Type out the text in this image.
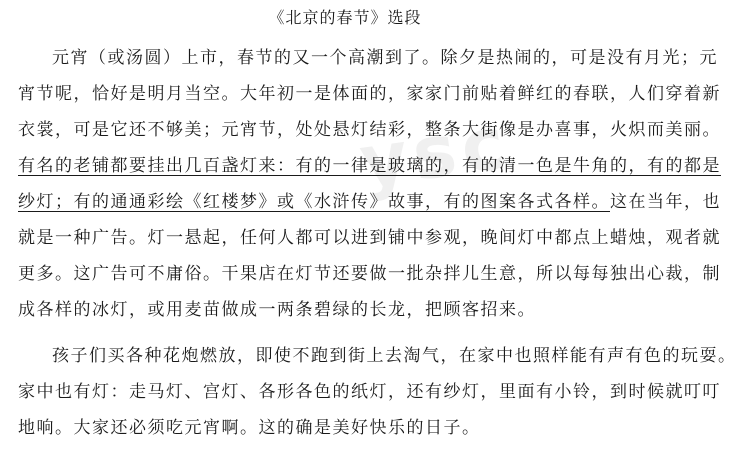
《北京的春节》选段
ysc
元宵（或汤圆）上市，春节的又一个高潮到了。除夕是热闹的，可是没有月光；元
宵节呢，恰好是明月当空。大年初一是体面的，家家门前贴着鲜红的春联，人们穿着新
衣裳，可是它还不够美；元宵节，处处悬灯结彩，整条大街像是办喜事，火炽而美丽。
有名的老铺都要挂出几百盏灯来：有的一律是玻璃的，有的清一色是牛角的，有的都是
纱灯；有的通通彩绘《红楼梦》或《水浒传》故事，有的图案各式各样。这在当年，也
就是一种广告。灯一悬起，任何人都可以进到铺中参观，晚间灯中都点上蜡烛，观者就
更多。这广告可不庸俗。干果店在灯节还要做一批杂拌儿生意，所以每每独出心裁，制
成各样的冰灯，或用麦苗做成一两条碧绿的长龙，把顾客招来。
孩子们买各种花炮燃放，即使不跑到街上去淘气，在家中也照样能有声有色的玩耍。
家中也有灯：走马灯、宫灯、各形各色的纸灯，还有纱灯，里面有小铃，到时候就叮叮
地响。大家还必须吃元宵啊。这的确是美好快乐的日子。
